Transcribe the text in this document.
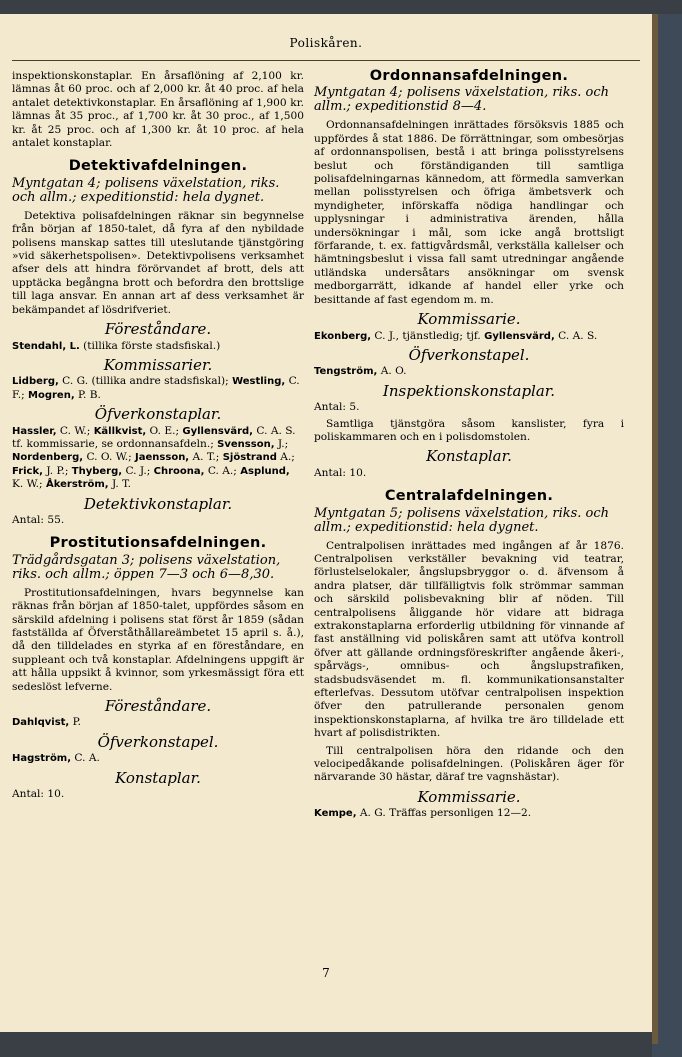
Poliskåren.

inspektionskonstaplar. En årsaflöning af 2,100 kr. lämnas åt 60 proc. och af 2,000 kr. åt 40 proc. af hela antalet detektivkonstaplar. En årsaflöning af 1,900 kr. lämnas åt 35 proc., af 1,700 kr. åt 30 proc., af 1,500 kr. åt 25 proc. och af 1,300 kr. åt 10 proc. af hela antalet konstaplar.

Detektivafdelningen.
Myntgatan 4; polisens växelstation, riks. och allm.; expeditionstid: hela dygnet.

Detektiva polisafdelningen räknar sin begynnelse från början af 1850-talet, då fyra af den nybildade polisens manskap sattes till uteslutande tjänstgöring »vid säkerhetspolisen». Detektivpolisens verksamhet afser dels att hindra förörvandet af brott, dels att upptäcka begångna brott och befordra den brottslige till laga ansvar. En annan art af dess verksamhet är bekämpandet af lösdrifveriet.

Föreståndare.
Stendahl, L. (tillika förste stadsfiskal.)
Kommissarier.
Lidberg, C. G. (tillika andre stadsfiskal); Westling, C. F.; Mogren, P. B.
Öfverkonstaplar.
Hassler, C. W.; Källkvist, O. E.; Gyllensvärd, C. A. S. tf. kommissarie, se ordonnansafdeln.; Svensson, J.; Nordenberg, C. O. W.; Jaensson, A. T.; Sjöstrand A.; Frick, J. P.; Thyberg, C. J.; Chroona, C. A.; Asplund, K. W.; Åkerström, J. T.
Detektivkonstaplar.
Antal: 55.
Prostitutionsafdelningen.
Trädgårdsgatan 3; polisens växelstation, riks. och allm.; öppen 7—3 och 6—8,30.

Prostitutionsafdelningen, hvars begynnelse kan räknas från början af 1850-talet, uppfördes såsom en särskild afdelning i polisens stat först år 1859 (sådan fastställda af Öfverståthållareämbetet 15 april s. å.), då den tilldelades en styrka af en föreståndare, en suppleant och två konstaplar. Afdelningens uppgift är att hålla uppsikt å kvinnor, som yrkesmässigt föra ett sedeslöst lefverne.

Föreståndare.
Dahlqvist, P.
Öfverkonstapel.
Hagström, C. A.
Konstaplar.
Antal: 10.
Ordonnansafdelningen.
Myntgatan 4; polisens växelstation, riks. och allm.; expeditionstid 8—4.

Ordonnansafdelningen inrättades försöksvis 1885 och uppfördes å stat 1886. De förrättningar, som ombesörjas af ordonnanspolisen, bestå i att bringa polisstyrelsens beslut och förständiganden till samtliga polisafdelningarnas kännedom, att förmedla samverkan mellan polisstyrelsen och öfriga ämbetsverk och myndigheter, införskaffa nödiga handlingar och upplysningar i administrativa ärenden, hålla undersökningar i mål, som icke angå brottsligt förfarande, t. ex. fattigvårdsmål, verkställa kallelser och hämtningsbeslut i vissa fall samt utredningar angående utländska undersåtars ansökningar om svensk medborgarrätt, idkande af handel eller yrke och besittande af fast egendom m. m.

Kommissarie.
Ekonberg, C. J., tjänstledig; tjf. Gyllensvärd, C. A. S.
Öfverkonstapel.
Tengström, A. O.
Inspektionskonstaplar.
Antal: 5.

Samtliga tjänstgöra såsom kanslister, fyra i poliskammaren och en i polisdomstolen.

Konstaplar.
Antal: 10.
Centralafdelningen.
Myntgatan 5; polisens växelstation, riks. och allm.; expeditionstid: hela dygnet.

Centralpolisen inrättades med ingången af år 1876. Centralpolisen verkställer bevakning vid teatrar, förlustelselokaler, ångslupsbryggor o. d. äfvensom å andra platser, där tillfälligtvis folk strömmar samman och särskild polisbevakning blir af nöden. Till centralpolisens åliggande hör vidare att bidraga extrakonstaplarna erforderlig utbildning för vinnande af fast anställning vid poliskåren samt att utöfva kontroll öfver att gällande ordningsföreskrifter angående åkeri-, spårvägs-, omnibus- och ångslupstrafiken, stadsbudsväsendet m. fl. kommunikationsanstalter efterlefvas. Dessutom utöfvar centralpolisen inspektion öfver den patrullerande personalen genom inspektionskonstaplarna, af hvilka tre äro tilldelade ett hvart af polisdistrikten.

Till centralpolisen höra den ridande och den velocipedåkande polisafdelningen. (Poliskåren äger för närvarande 30 hästar, däraf tre vagnshästar).

Kommissarie.
Kempe, A. G. Träffas personligen 12—2.
7
